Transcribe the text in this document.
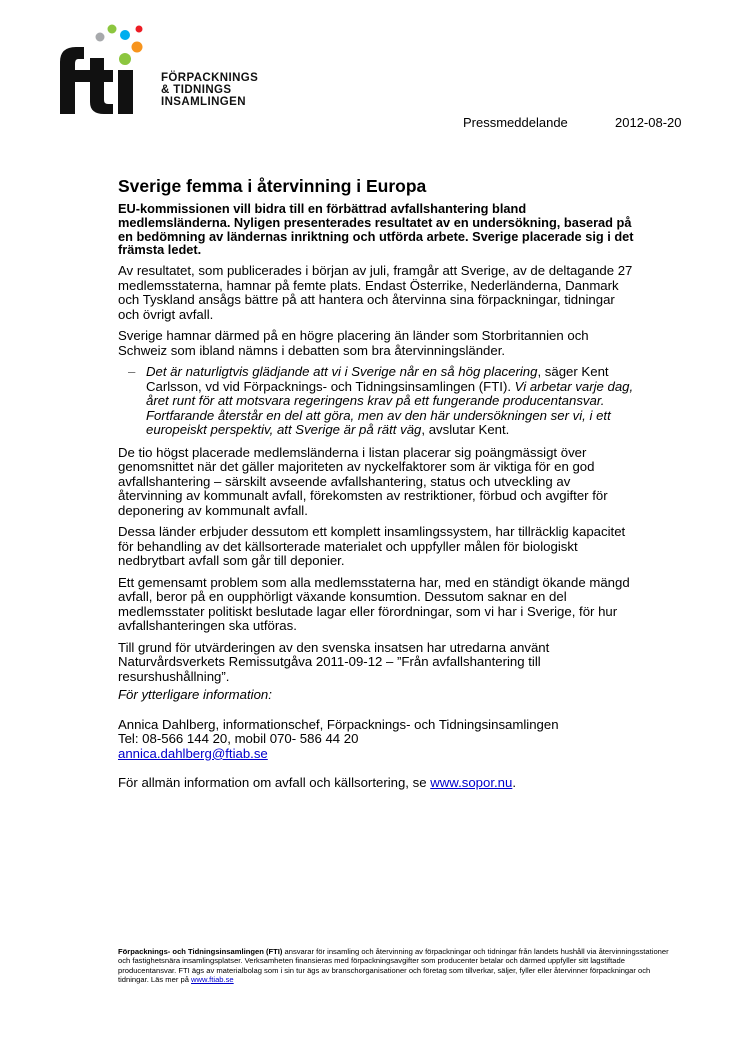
FÖRPACKNINGS
& TIDNINGS
INSAMLINGEN
Pressmeddelande	2012-08-20
Sverige femma i återvinning i Europa

EU-kommissionen vill bidra till en förbättrad avfallshantering bland medlemsländerna. Nyligen presenterades resultatet av en undersökning, baserad på en bedömning av ländernas inriktning och utförda arbete. Sverige placerade sig i det främsta ledet.

Av resultatet, som publicerades i början av juli, framgår att Sverige, av de deltagande 27 medlemsstaterna, hamnar på femte plats. Endast Österrike, Nederländerna, Danmark och Tyskland ansågs bättre på att hantera och återvinna sina förpackningar, tidningar och övrigt avfall.

Sverige hamnar därmed på en högre placering än länder som Storbritannien och Schweiz som ibland nämns i debatten som bra återvinningsländer.

– Det är naturligtvis glädjande att vi i Sverige når en så hög placering, säger Kent Carlsson, vd vid Förpacknings- och Tidningsinsamlingen (FTI). Vi arbetar varje dag, året runt för att motsvara regeringens krav på ett fungerande producentansvar. Fortfarande återstår en del att göra, men av den här undersökningen ser vi, i ett europeiskt perspektiv, att Sverige är på rätt väg, avslutar Kent.

De tio högst placerade medlemsländerna i listan placerar sig poängmässigt över genomsnittet när det gäller majoriteten av nyckelfaktorer som är viktiga för en god avfallshantering – särskilt avseende avfallshantering, status och utveckling av återvinning av kommunalt avfall, förekomsten av restriktioner, förbud och avgifter för deponering av kommunalt avfall.

Dessa länder erbjuder dessutom ett komplett insamlingssystem, har tillräcklig kapacitet för behandling av det källsorterade materialet och uppfyller målen för biologiskt nedbrytbart avfall som går till deponier.

Ett gemensamt problem som alla medlemsstaterna har, med en ständigt ökande mängd avfall, beror på en oupphörligt växande konsumtion. Dessutom saknar en del medlemsstater politiskt beslutade lagar eller förordningar, som vi har i Sverige, för hur avfallshanteringen ska utföras.

Till grund för utvärderingen av den svenska insatsen har utredarna använt Naturvårdsverkets Remissutgåva 2011-09-12 – ”Från avfallshantering till resurshushållning”.

För ytterligare information:

Annica Dahlberg, informationschef, Förpacknings- och Tidningsinsamlingen

Tel: 08-566 144 20, mobil 070- 586 44 20

annica.dahlberg@ftiab.se

För allmän information om avfall och källsortering, se www.sopor.nu.

Förpacknings- och Tidningsinsamlingen (FTI) ansvarar för insamling och återvinning av förpackningar och tidningar från landets hushåll via återvinningsstationer och fastighetsnära insamlingsplatser. Verksamheten finansieras med förpackningsavgifter som producenter betalar och därmed uppfyller sitt lagstiftade producentansvar. FTI ägs av materialbolag som i sin tur ägs av branschorganisationer och företag som tillverkar, säljer, fyller eller återvinner förpackningar och tidningar. Läs mer på www.ftiab.se
